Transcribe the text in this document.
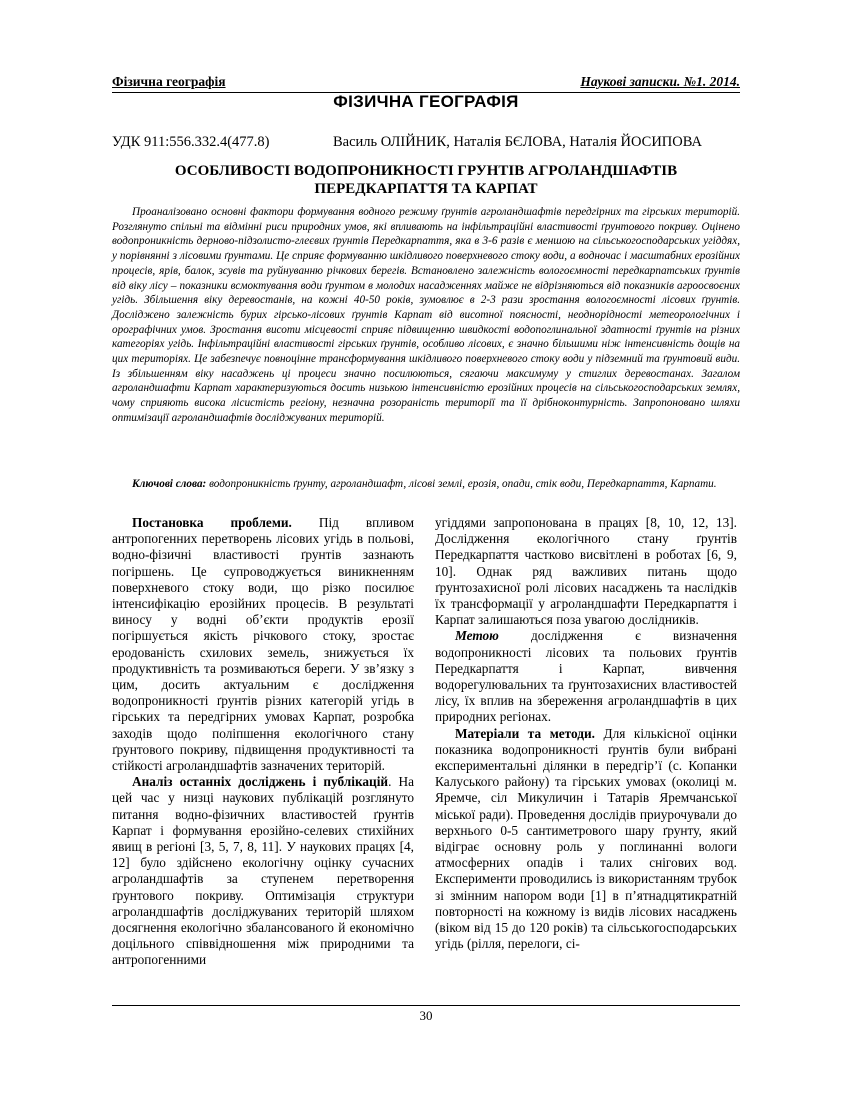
Фізична географія	Наукові записки. №1. 2014.
ФІЗИЧНА ГЕОГРАФІЯ
УДК 911:556.332.4(477.8)	Василь ОЛІЙНИК, Наталія БЄЛОВА, Наталія ЙОСИПОВА
ОСОБЛИВОСТІ ВОДОПРОНИКНОСТІ ГРУНТІВ АГРОЛАНДШАФТІВ
ПЕРЕДКАРПАТТЯ ТА КАРПАТ

Проаналізовано основні фактори формування водного режиму ґрунтів агроландшафтів передгірних та гірських територій. Розглянуто спільні та відмінні риси природних умов, які впливають на інфільтраційні властивості ґрунтового покриву. Оцінено водопроникність дерново-підзолисто-глеєвих ґрунтів Передкарпаття, яка в 3-6 разів є меншою на сільськогосподарських угіддях, у порівнянні з лісовими ґрунтами. Це сприяє формуванню шкідливого поверхневого стоку води, а водночас і масштабних ерозійних процесів, ярів, балок, зсувів та руйнуванню річкових берегів. Встановлено залежність вологоємності передкарпатських ґрунтів від віку лісу – показники всмоктування води ґрунтом в молодих насадженнях майже не відрізняються від показників агроосвоєних угідь. Збільшення віку деревостанів, на кожні 40-50 років, зумовлює в 2-3 рази зростання вологоємності лісових ґрунтів. Досліджено залежність бурих гірсько-лісових ґрунтів Карпат від висотної поясності, неоднорідності метеорологічних і орографічних умов. Зростання висоти місцевості сприяє підвищенню швидкості водопоглинальної здатності ґрунтів на різних категоріях угідь. Інфільтраційні властивості гірських ґрунтів, особливо лісових, є значно більшими ніж інтенсивність дощів на цих територіях. Це забезпечує повноцінне трансформування шкідливого поверхневого стоку води у підземний та ґрунтовий види. Із збільшенням віку насаджень ці процеси значно посилюються, сягаючи максимуму у стиглих деревостанах. Загалом агроландшафти Карпат характеризуються досить низькою інтенсивністю ерозійних процесів на сільськогосподарських землях, чому сприяють висока лісистість регіону, незначна розораність території та її дрібноконтурність. Запропоновано шляхи оптимізації агроландшафтів досліджуваних територій.

Ключові слова: водопроникність ґрунту, агроландшафт, лісові землі, ерозія, опади, стік води, Передкарпаття, Карпати.

Постановка проблеми. Під впливом антропогенних перетворень лісових угідь в польові, водно-фізичні властивості ґрунтів зазнають погіршень. Це супроводжується виникненням поверхневого стоку води, що різко посилює інтенсифікацію ерозійних процесів. В результаті виносу у водні об’єкти продуктів ерозії погіршується якість річкового стоку, зростає еродованість схилових земель, знижується їх продуктивність та розмиваються береги. У зв’язку з цим, досить актуальним є дослідження водопроникності ґрунтів різних категорій угідь в гірських та передгірних умовах Карпат, розробка заходів щодо поліпшення екологічного стану ґрунтового покриву, підвищення продуктивності та стійкості агроландшафтів зазначених територій.

Аналіз останніх досліджень і публікацій. На цей час у низці наукових публікацій розглянуто питання водно-фізичних властивостей ґрунтів Карпат і формування ерозійно-селевих стихійних явищ в регіоні [3, 5, 7, 8, 11]. У наукових працях [4, 12] було здійснено екологічну оцінку сучасних агроландшафтів за ступенем перетворення ґрунтового покриву. Оптимізація структури агроландшафтів досліджуваних територій шляхом досягнення екологічно збалансованого й економічно доцільного співвідношення між природними та антропогенними

угіддями запропонована в працях [8, 10, 12, 13]. Дослідження екологічного стану ґрунтів Передкарпаття частково висвітлені в роботах [6, 9, 10]. Однак ряд важливих питань щодо ґрунтозахисної ролі лісових насаджень та наслідків їх трансформації у агроландшафти Передкарпаття і Карпат залишаються поза увагою дослідників.

Метою дослідження є визначення водопроникності лісових та польових ґрунтів Передкарпаття і Карпат, вивчення водорегулювальних та ґрунтозахисних властивостей лісу, їх вплив на збереження агроландшафтів в цих природних регіонах.

Матеріали та методи. Для кількісної оцінки показника водопроникності ґрунтів були вибрані експериментальні ділянки в передгір’ї (с. Копанки Калуського району) та гірських умовах (околиці м. Яремче, сіл Микуличин і Татарів Яремчанської міської ради). Проведення дослідів приурочували до верхнього 0-5 сантиметрового шару ґрунту, який відіграє основну роль у поглинанні вологи атмосферних опадів і талих снігових вод. Експерименти проводились із використанням трубок зі змінним напором води [1] в п’ятнадцятикратній повторності на кожному із видів лісових насаджень (віком від 15 до 120 років) та сільськогосподарських угідь (рілля, перелоги, сі-

30
